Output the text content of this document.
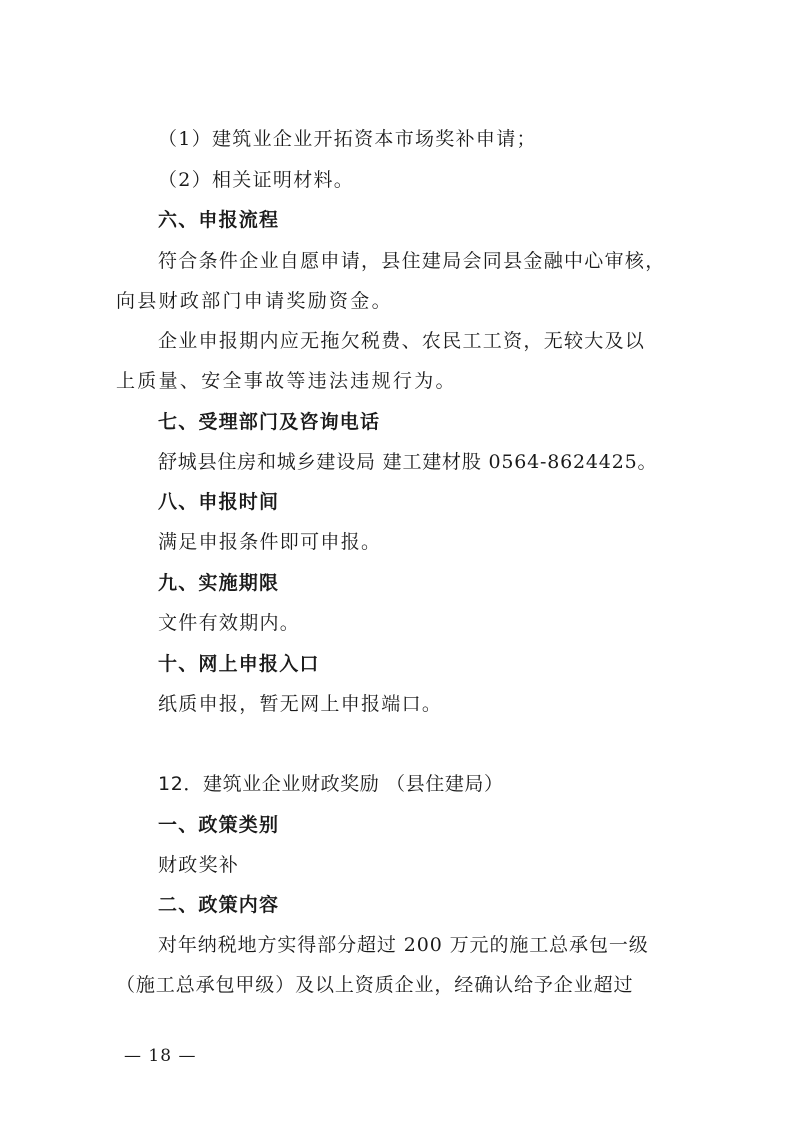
（1）建筑业企业开拓资本市场奖补申请；
（2）相关证明材料。
六、申报流程
符合条件企业自愿申请，县住建局会同县金融中心审核，
向县财政部门申请奖励资金。
企业申报期内应无拖欠税费、农民工工资，无较大及以
上质量、安全事故等违法违规行为。
七、受理部门及咨询电话
舒城县住房和城乡建设局 建工建材股 0564-8624425。
八、申报时间
满足申报条件即可申报。
九、实施期限
文件有效期内。
十、网上申报入口
纸质申报，暂无网上申报端口。
12．建筑业企业财政奖励 （县住建局）
一、政策类别
财政奖补
二、政策内容
对年纳税地方实得部分超过 200 万元的施工总承包一级
（施工总承包甲级）及以上资质企业，经确认给予企业超过
— 18 —
